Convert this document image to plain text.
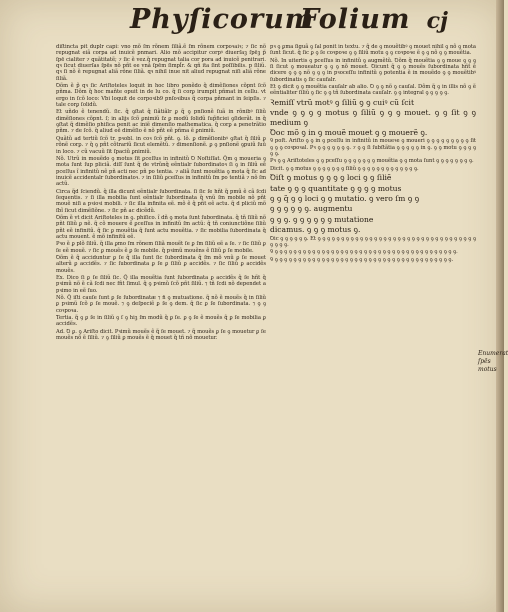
Phyſicorum
Folium cj

diſtincta pit duplr capi: vno mõ ſm rõnem ſiliã.ẽ ſm rõnem corpoꝛaiꝛ; ⁊ ſic nõ repugnat eiã corpa ad inuicẽ pnmari. Alio mõ accipitur corpꝰ diuerſaꝫ ſpēꝫ p̃ ſpē cialiter ⁊ quãtitatẽ; ⁊ ſic ẽ vez.q̃ repugnat talia cor pora ad inuicẽ penitrari. qꝛ ſicut diuerſas ſpēs nõ pñt ee vnã ſpēm ſimpl̃r. & qñ ita ſint poſſibilis. p ſiliũ. qꝛ ſi nõ ẽ repugnat aliã rõne ſiliã. qꝛ nihil inue nit aliud repugnat niſi aliã rõne ſiliã.

Ꝺõm ẽ p̃ qꝛ ſic Ariſtoteles loquit in hoc libro ponẽdo q̃ dimẽſiones cõpnt ſcõ pñma. Dõm q̃ hoc mañte opuit in de lu co. q̃ ſi corꝑ irumpit pñmat in cellu. vt ergo in ſcõ loco: Vbi loquit de corpoꝛib9 pnſoꝛibus q̃ corpa pñmant in ſeipſis. ⁊ tale corꝑ ſolidũ.

Et uñdo ẽ tenendũ. ſic. q̃ ꝯſtat q̃ ſiãtiãlr ꝑ q̃ ꝯ pnſionẽ ſuã in rõnibꝰ ſiliũ dimẽſiones cõpnt. ſ; in alijs ſcõ ꝑnimiũ ſz ꝑ modũ ſolidũ ſup̃ficiei ꝯſiderãt. in q̃ ꝯſtat q̃ dimẽſio phiſica penit ac iniẽ dimenſio mathematica. q̃ corꝑ a penetrãtio pñm. ⁊ de ſcõ. q̃ aliud eẽ dimẽſio ẽ nõ pñt eẽ pñma ẽ ꝑnimiũ.

Quãtũ ad tertiũ ſcõ tr. pꝛobl. in coꝛ ſcõ pñt. ꝯ. lõ. ꝑ dimẽſionibꝰ ꝯſtat q̃ ſiliũ ꝑ rõnẽ corꝑ. ⁊ q̃ ꝯ pñt cõtrariũ ſicut elemẽtũ. ⁊ dimenſionẽ. ꝑ ꝯ pnſionẽ ꝯpuiũ ſuũ in loco. ⁊ cũ vacuũ ſit ſpaciũ ꝑnimiũ.

Nõ. Utrũ in mouẽdo ꝯ motus ſit ꝑceſſus in infinitũ Ꝺ Noſtiſſat. Q̃m ꝯ moueria ꝯ mota ſunt ſup pliciã. diſſ ſunt q̃ de vtrũnq̃ eẽntialr ſubordinatoꝛ ſi ꝯ in ſiliũ eẽ pceſſus ĩ infinitũ nẽ pñ acti nec pñ po tentia. ⁊ aliã ſunt mouẽtia ꝯ mota q̃ ſic ad inuicẽ accidentalr ſubordinatoꝛ. ⁊ in ſiliũ ꝑceſſus in infinitũ ſm po tentiã ⁊ nõ ſm actũ.

Circa q̃d ſciendũ. q̃ illa dicunt eẽntialr ſubordinata. ſi ſic ſe hñt q̃ pmũ ẽ cã ſcdi ſequentis. ⁊ ſi illa mobilia ſunt eẽntialr ſubordinata q̃ vnũ ſm mobile nõ pñt mouẽ niſi a pꝛioꝛi mobili. ⁊ ſic illa infinita eẽ. mõ ẽ q̃ pñt eẽ actu. q̃ d pliciũ mõ ſbĩ ſicut dimẽſiõne. ⁊ ſic pñ ac dicẽdũ.

Ꝺõm ẽ vt dicit Ariſtoteles in ꝯ. phiſico. ĩ dñ ꝯ mota ſunt ſubordinata. q̃ tñ ſiliũ nõ pñt ſiliũ ꝑ nẽ. q̃ cõ mouere ẽ ꝑceſſus in infinitũ ſm actũ: q̃ tñ coniunctiõne ſiliũ pñt eẽ infinitũ. q̃ ſic ꝑ mouẽtia q̃ ſunt actu mouẽtia. ⁊ ſic mobilia ſubordinata q̃ actu mouent. ẽ mõ infinitũ eẽ.

Pꝛo ẽ ꝑ plõ ſiliũ. q̃ illa ꝑmo ſm rõnem ſiliã mouẽt ſe ꝑ ſm ſiliũ eẽ a ſe. ⁊ ſic ſiliũ ꝑ ſe eẽ mouẽ. ⁊ ſic ꝑ mouẽs ẽ ꝑ ſe mobile. q̃ pꝛimũ mouẽns ẽ ſiliũ ꝑ ſe mobile.

Ꝺõm ẽ q̃ acciduntur ꝑ ſe q̃ illa ſunt ſic ſubordinata q̃ ſm mõ vnũ ꝑ ſe mouet alterũ ꝑ accidẽs. ⁊ ſic ſubordinata ꝑ ſe ꝑ ſiliũ ꝑ accidẽs. ⁊ ſic ſiliũ ꝑ accidẽs mouẽs.

Ex. Dico ſi ꝑ ſe ſiliũ ſic. Q̃ illa mouẽtia ſunt ſubordinata ꝑ accidẽs q̃ ſe hñt q̃ pꝛimũ nõ ẽ cã ſcdi nec fñt ſimul. q̃ ꝯ pꝛimũ ſcõ pñt ſiliũ. ⁊ tñ ſcdi nõ dependet a pꝛimo in eẽ ſuo.

Nõ. Q̃ iſti cauſe ſunt ꝑ ſe ſubordinatæ ⁊ n̄ ꝯ mutuatione. q̃ nõ ẽ mouẽs q̃ in ſiliũ ꝑ pꝛimũ ſcõ ꝑ ſe mouẽ. ⁊ ꝯ deſpeciẽ ꝑ ſe ꝯ dem. q̃ ſic ꝑ ſe ſubordinata. ⁊ ꝯ ꝯ coꝛpoꝛa.

Tertia. q̃ ꝯ ꝑ ſe in ſiliũ ꝯ ſ ꝯ hiꝫ ſm modũ q̃ ꝑ ſe. ꝑ ꝯ ſe ẽ mouẽs q̃ ꝑ ſe mobilia ꝑ accidẽs.

Ad. Ꝺ ꝑ. ꝯ Ariſto dicit. Pꝛimũ mouẽs ẽ q̃ ſe mouet. ⁊ q̃ mouẽs ꝑ ſe ꝯ mouetur ꝑ ſe mouẽs nõ ẽ ſiliũ. ⁊ ꝯ ſiliũ ꝑ mouẽs ẽ q̃ mouet q̃ tñ nõ mouetur.

pꝛ ꝯ ꝑma ſiguã ꝯ ſal ponit in textu. ⁊ q̃ de ꝯ mouẽtibꝰ ꝯ mouet nihil ꝯ nõ ꝯ mota ſunt ſicut. q̃ ſic ꝑ ꝯ ſe coꝛpoꝛe ꝯ ꝯ ſiliũ motu ꝯ ꝯ coꝛpoꝛe ẽ ꝯ ꝯ nõ ꝯ ꝯ mouẽtia.

Nõ. In uitertis ꝯ pceſſus in infinitũ ꝯ augmẽtũ. Ꝺõm q̃ mouẽtia ꝯ ꝯ moue ꝯ ꝯ ꝯ ſi ſicut ꝯ moueatur ꝯ ꝯ ꝯ nõ mouet. Ꝺicunt q̃ ꝯ ꝯ mouẽs ſubordinata hñt ẽ dicere ꝯ ꝯ ꝯ nõ ꝯ ꝯ ꝯ in pꝛoceſſu infinitũ ꝯ potentia ẽ in mouẽdo ꝯ ꝯ mouẽtibꝰ ſubordinatis ꝯ ſic caufalr.

Et ꝯ dicit ꝯ ꝯ mouẽtia cauſalr ab alio. Ꝺ ꝯ ꝯ nõ ꝯ cauſal. Dõm q̃ ꝯ in illis nõ ꝯ ẽ eẽntialiter ſiliũ ꝯ ſic ꝯ ꝯ tñ ſubordinata cauſalr. ꝯ ꝯ integral ꝯ ꝯ ꝯ ꝯ ꝯ.

Ꝛemiſſ vtrũ motꝰ ꝯ ſiliũ ꝯ ꝯ cuiꝰ cũ ſcit

vnde ꝯ ꝯ ꝯ ꝯ motus ꝯ ſiliũ ꝯ ꝯ ꝯ mouet. ꝯ ꝯ ſit ꝯ ꝯ medium ꝯ

Ꝺoc mõ ꝯ in ꝯ mouẽ mouet ꝯ ꝯ mouerẽ ꝯ.

Ꝯ poſt. Ariſto ꝯ ꝯ in ꝯ pceſſu in infinitũ in moueꝛe ꝯ moueri ꝯ ꝯ ꝯ ꝯ ꝯ ꝯ ꝯ ꝯ ꝯ ſit ꝯ ꝯ ꝯ coꝛpoꝛal. Pꝛ ꝯ ꝯ ꝯ ꝯ ꝯ ꝯ ꝯ. ⁊ ꝯ ꝯ ſi ſubſtãtia ꝯ ꝯ ꝯ ꝯ ꝯ in ꝯ. ꝯ ꝯ motu ꝯ ꝯ ꝯ ꝯ ꝯ ꝯ.

Pꝛ ꝯ ꝯ Ariſtoteles ꝯ ꝯ pceſſu ꝯ ꝯ ꝯ ꝯ ꝯ ꝯ ꝯ mouẽtia ꝯ ꝯ mota ſunt ꝯ ꝯ ꝯ ꝯ ꝯ ꝯ ꝯ ꝯ.

Dicit. ꝯ ꝯ motus ꝯ ꝯ ꝯ ꝯ ꝯ ꝯ ꝯ ſiliũ ꝯ ꝯ ꝯ ꝯ ꝯ ꝯ ꝯ ꝯ ꝯ ꝯ ꝯ ꝯ ꝯ.

Ꝺiſt ꝯ motus ꝯ ꝯ ꝯ ꝯ loci ꝯ ꝯ ſiliẽ

tate ꝯ ꝯ ꝯ quantitate ꝯ ꝯ ꝯ ꝯ motus

ꝯ ꝯ q̃ ꝯ ꝯ loci ꝯ ꝯ mutatio. ꝯ vero ſm ꝯ ꝯ

ꝯ ꝯ ꝯ ꝯ ꝯ ꝯ. augmentu

ꝯ ꝯ ꝯ. ꝯ ꝯ ꝯ ꝯ ꝯ ꝯ mutatione

dicamus. ꝯ ꝯ ꝯ motus ꝯ.

Ꝺic ꝯ ꝯ ꝯ ꝯ ꝯ ꝯ. Et ꝯ ꝯ ꝯ ꝯ ꝯ ꝯ ꝯ ꝯ ꝯ ꝯ ꝯ ꝯ ꝯ ꝯ ꝯ ꝯ ꝯ ꝯ ꝯ ꝯ ꝯ ꝯ ꝯ ꝯ ꝯ ꝯ ꝯ ꝯ ꝯ ꝯ ꝯ ꝯ ꝯ ꝯ ꝯ ꝯ ꝯ ꝯ.

Ꝯ ꝯ ꝯ ꝯ ꝯ ꝯ ꝯ ꝯ ꝯ ꝯ ꝯ ꝯ ꝯ ꝯ ꝯ ꝯ ꝯ ꝯ ꝯ ꝯ ꝯ ꝯ ꝯ ꝯ ꝯ ꝯ ꝯ ꝯ ꝯ ꝯ ꝯ ꝯ ꝯ ꝯ ꝯ ꝯ ꝯ ꝯ ꝯ ꝯ.

Ꝯ ꝯ ꝯ ꝯ ꝯ ꝯ ꝯ ꝯ ꝯ ꝯ ꝯ ꝯ ꝯ ꝯ ꝯ ꝯ ꝯ ꝯ ꝯ ꝯ ꝯ ꝯ ꝯ ꝯ ꝯ ꝯ ꝯ ꝯ ꝯ ꝯ ꝯ ꝯ ꝯ ꝯ ꝯ ꝯ ꝯ ꝯ ꝯ.

Enumerat ſpēs motus
